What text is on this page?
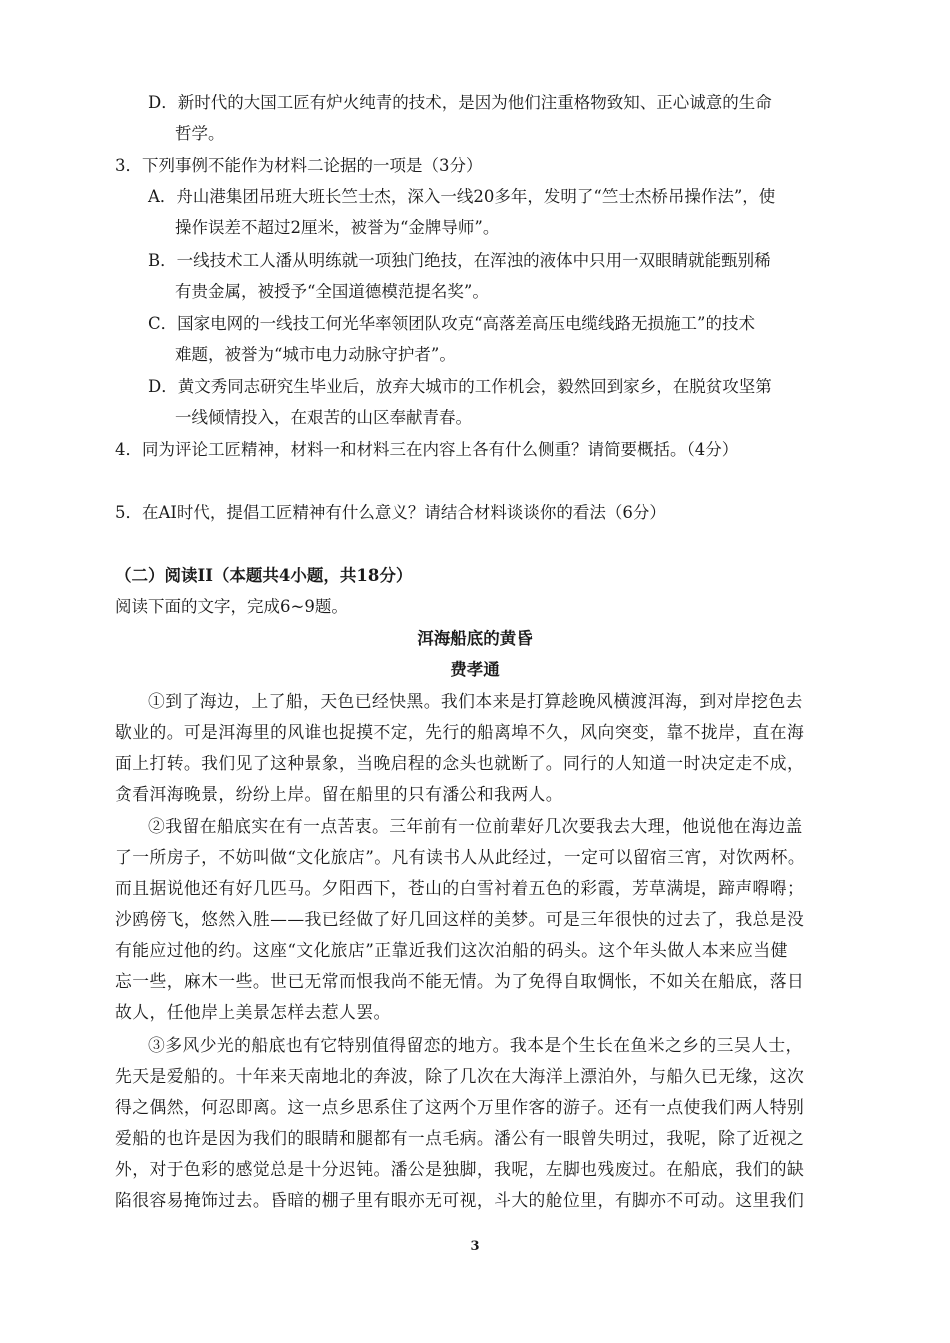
D．新时代的大国工匠有炉火纯青的技术，是因为他们注重格物致知、正心诚意的生命
哲学。
3．下列事例不能作为材料二论据的一项是（3分）
A．舟山港集团吊班大班长竺士杰，深入一线20多年，发明了“竺士杰桥吊操作法”，使
操作误差不超过2厘米，被誉为“金牌导师”。
B．一线技术工人潘从明练就一项独门绝技，在浑浊的液体中只用一双眼睛就能甄别稀
有贵金属，被授予“全国道德模范提名奖”。
C．国家电网的一线技工何光华率领团队攻克“高落差高压电缆线路无损施工”的技术
难题，被誉为“城市电力动脉守护者”。
D．黄文秀同志研究生毕业后，放弃大城市的工作机会，毅然回到家乡，在脱贫攻坚第
一线倾情投入，在艰苦的山区奉献青春。
4．同为评论工匠精神，材料一和材料三在内容上各有什么侧重？请简要概括。（4分）
5．在AI时代，提倡工匠精神有什么意义？请结合材料谈谈你的看法（6分）
（二）阅读II（本题共4小题，共18分）
阅读下面的文字，完成6~9题。
洱海船底的黄昏
费孝通
①到了海边，上了船，天色已经快黑。我们本来是打算趁晚风横渡洱海，到对岸挖色去
歇业的。可是洱海里的风谁也捉摸不定，先行的船离埠不久，风向突变，靠不拢岸，直在海
面上打转。我们见了这种景象，当晚启程的念头也就断了。同行的人知道一时决定走不成，
贪看洱海晚景，纷纷上岸。留在船里的只有潘公和我两人。
②我留在船底实在有一点苦衷。三年前有一位前辈好几次要我去大理，他说他在海边盖
了一所房子，不妨叫做“文化旅店”。凡有读书人从此经过，一定可以留宿三宵，对饮两杯。
而且据说他还有好几匹马。夕阳西下，苍山的白雪衬着五色的彩霞，芳草满堤，蹄声嘚嘚；
沙鸥傍飞，悠然入胜——我已经做了好几回这样的美梦。可是三年很快的过去了，我总是没
有能应过他的约。这座“文化旅店”正靠近我们这次泊船的码头。这个年头做人本来应当健
忘一些，麻木一些。世已无常而恨我尚不能无情。为了免得自取惆怅，不如关在船底，落日
故人，任他岸上美景怎样去惹人罢。
③多风少光的船底也有它特别值得留恋的地方。我本是个生长在鱼米之乡的三吴人士，
先天是爱船的。十年来天南地北的奔波，除了几次在大海洋上漂泊外，与船久已无缘，这次
得之偶然，何忍即离。这一点乡思系住了这两个万里作客的游子。还有一点使我们两人特别
爱船的也许是因为我们的眼睛和腿都有一点毛病。潘公有一眼曾失明过，我呢，除了近视之
外，对于色彩的感觉总是十分迟钝。潘公是独脚，我呢，左脚也残废过。在船底，我们的缺
陷很容易掩饰过去。昏暗的棚子里有眼亦无可视，斗大的舱位里，有脚亦不可动。这里我们
3
